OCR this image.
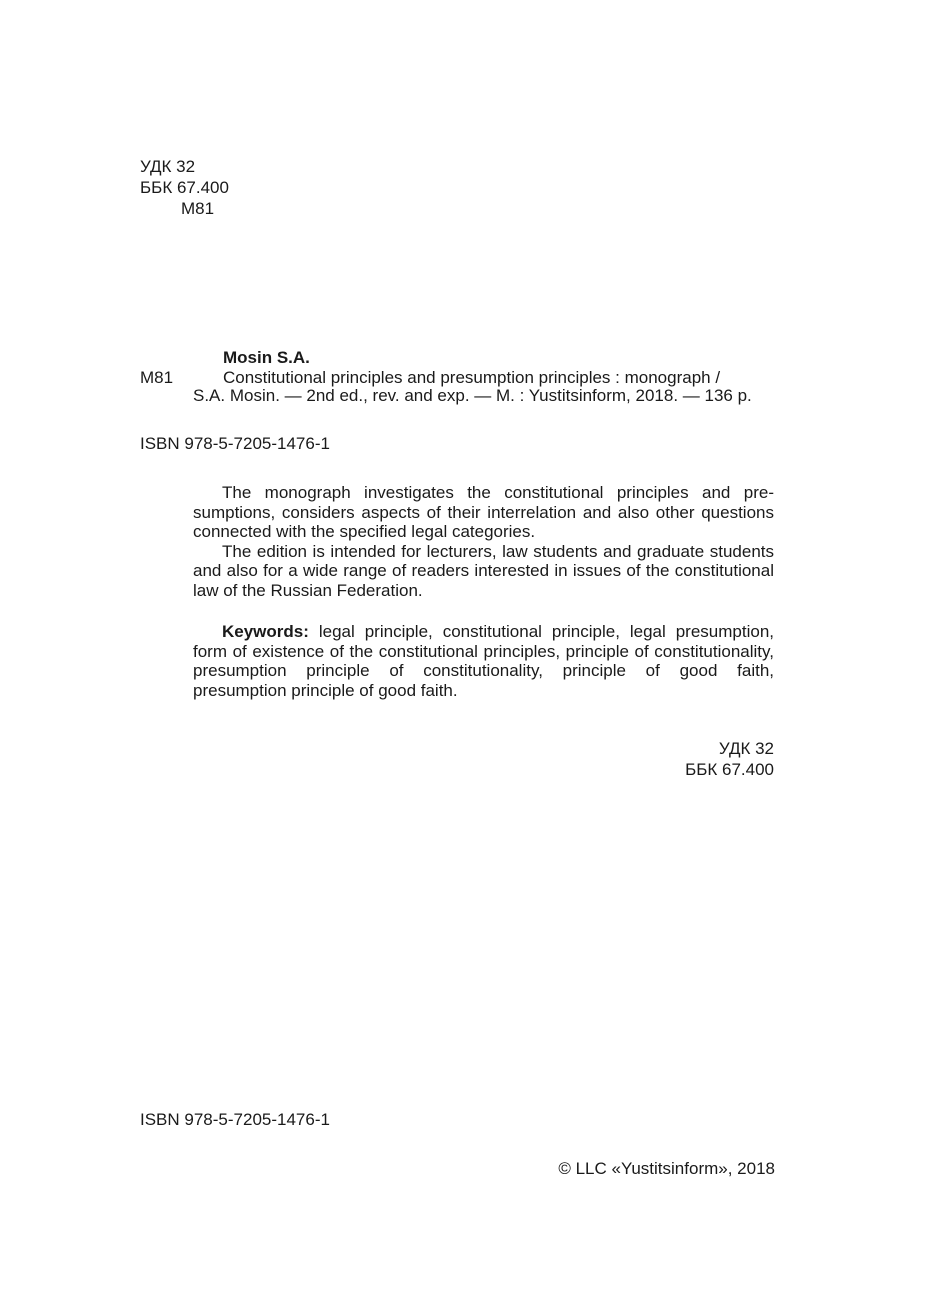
УДК 32
ББК 67.400
М81
Mosin S.A.
M81	Constitutional principles and presumption principles : monograph /
S.A. Mosin. — 2nd ed., rev. and exp. — M. : Yustitsinform, 2018. — 136 p.
ISBN 978-5-7205-1476-1
The monograph investigates the constitutional principles and pre-
sumptions, considers aspects of their interrelation and also other questions
connected with the specified legal categories.
The edition is intended for lecturers, law students and graduate students
and also for a wide range of readers interested in issues of the constitutional
law of the Russian Federation.
Keywords: legal principle, constitutional principle, legal presumption,
form of existence of the constitutional principles, principle of constitutionality,
presumption principle of constitutionality, principle of good faith,
presumption principle of good faith.
УДК 32
ББК 67.400
ISBN 978-5-7205-1476-1
© LLC «Yustitsinform», 2018
